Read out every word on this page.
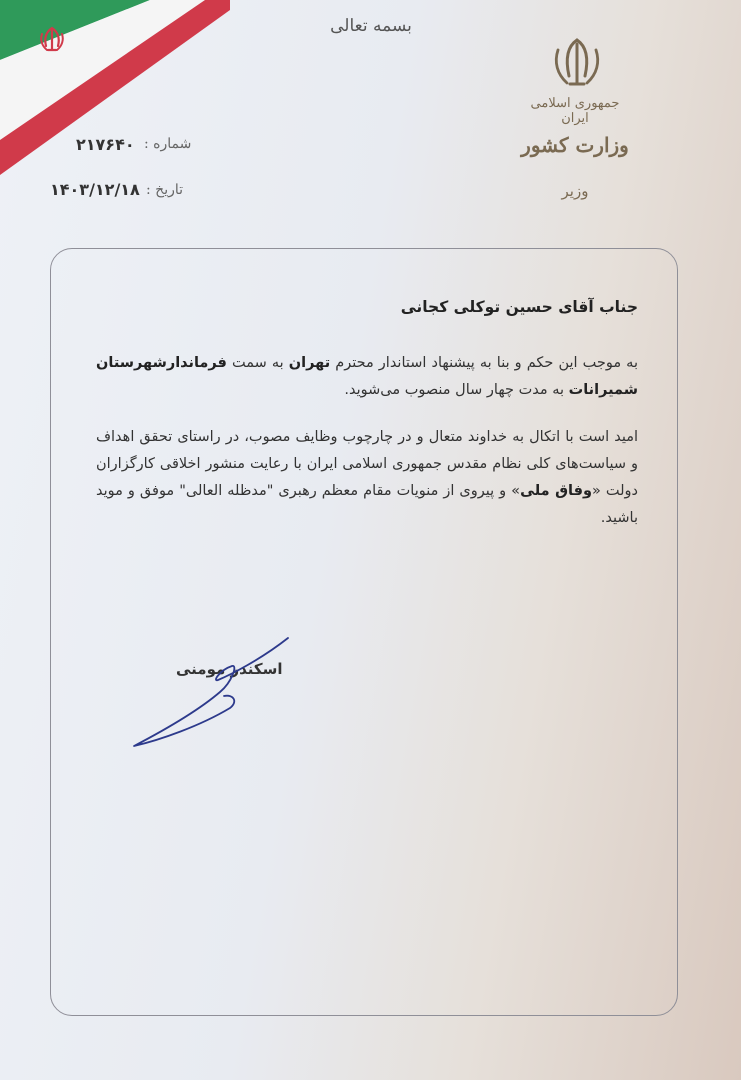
بسمه تعالی
جمهوری اسلامی ایران
وزارت کشور
وزیر
شماره :
۲۱۷۶۴۰
تاریخ :
۱۴۰۳/۱۲/۱۸

جناب آقای حسین توکلی کجانی

به موجب این حکم و بنا به پیشنهاد استاندار محترم تهران به سمت فرماندارشهرستان شمیرانات به مدت چهار سال منصوب می‌شوید.

امید است با اتکال به خداوند متعال و در چارچوب وظایف مصوب، در راستای تحقق اهداف و سیاست‌های کلی نظام مقدس جمهوری اسلامی ایران با رعایت منشور اخلاقی کارگزاران دولت «وفاق ملی» و پیروی از منویات مقام معظم رهبری "مدظله العالی" موفق و موید باشید.

اسکندر مومنی
